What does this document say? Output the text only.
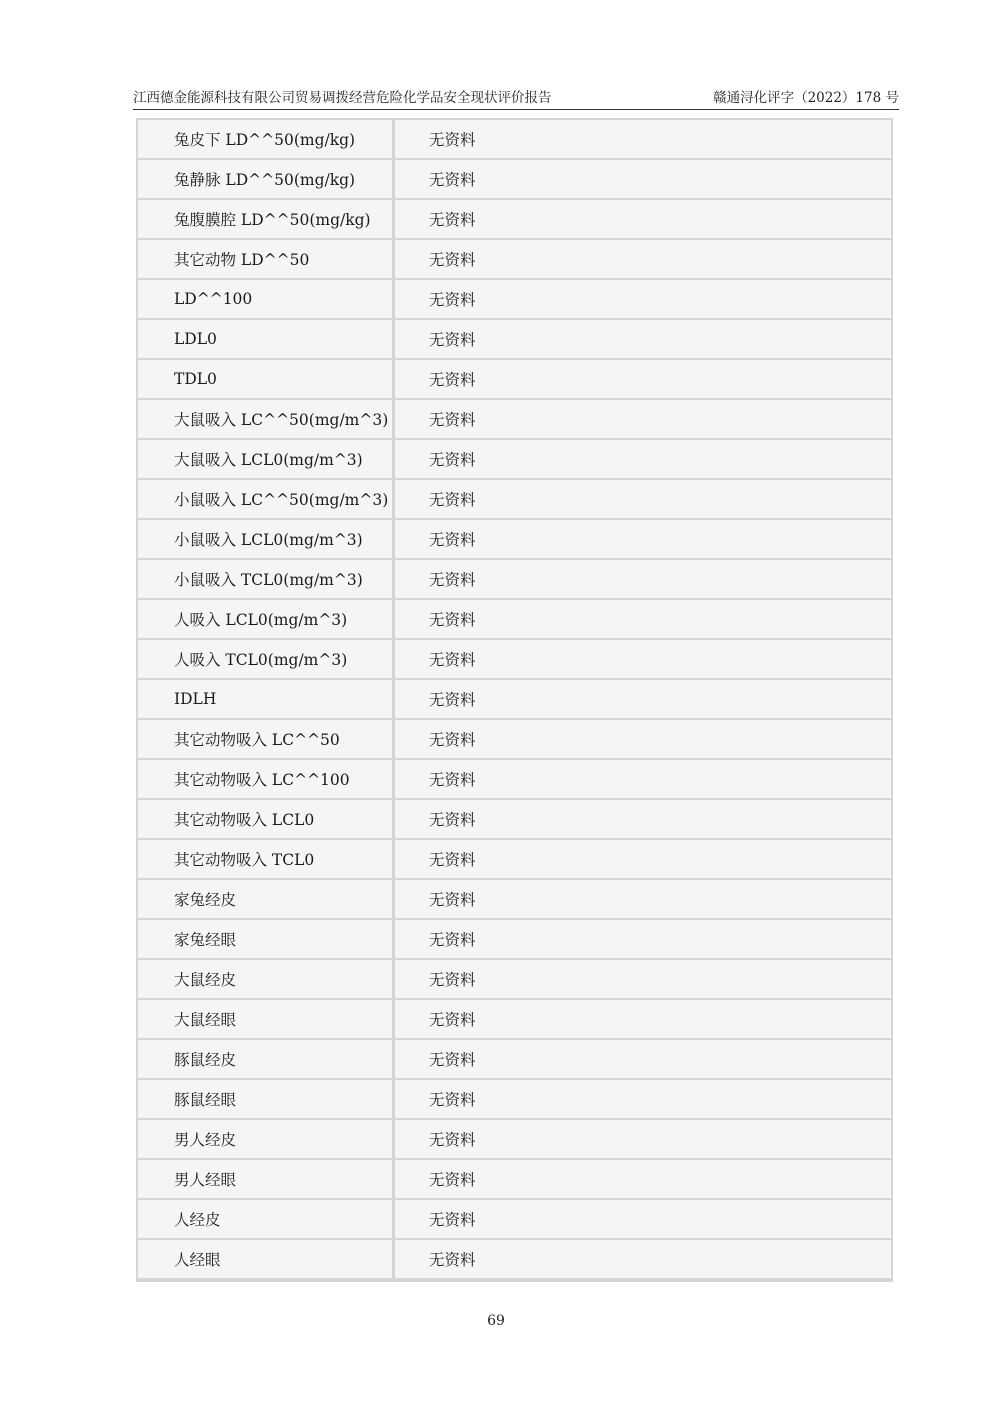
江西德金能源科技有限公司贸易调拨经营危险化学品安全现状评价报告	赣通浔化评字（2022）178 号
兔皮下 LD^^50(mg/kg)	无资料
兔静脉 LD^^50(mg/kg)	无资料
兔腹膜腔 LD^^50(mg/kg)	无资料
其它动物 LD^^50	无资料
LD^^100	无资料
LDL0	无资料
TDL0	无资料
大鼠吸入 LC^^50(mg/m^3)	无资料
大鼠吸入 LCL0(mg/m^3)	无资料
小鼠吸入 LC^^50(mg/m^3)	无资料
小鼠吸入 LCL0(mg/m^3)	无资料
小鼠吸入 TCL0(mg/m^3)	无资料
人吸入 LCL0(mg/m^3)	无资料
人吸入 TCL0(mg/m^3)	无资料
IDLH	无资料
其它动物吸入 LC^^50	无资料
其它动物吸入 LC^^100	无资料
其它动物吸入 LCL0	无资料
其它动物吸入 TCL0	无资料
家兔经皮	无资料
家兔经眼	无资料
大鼠经皮	无资料
大鼠经眼	无资料
豚鼠经皮	无资料
豚鼠经眼	无资料
男人经皮	无资料
男人经眼	无资料
人经皮	无资料
人经眼	无资料
69
